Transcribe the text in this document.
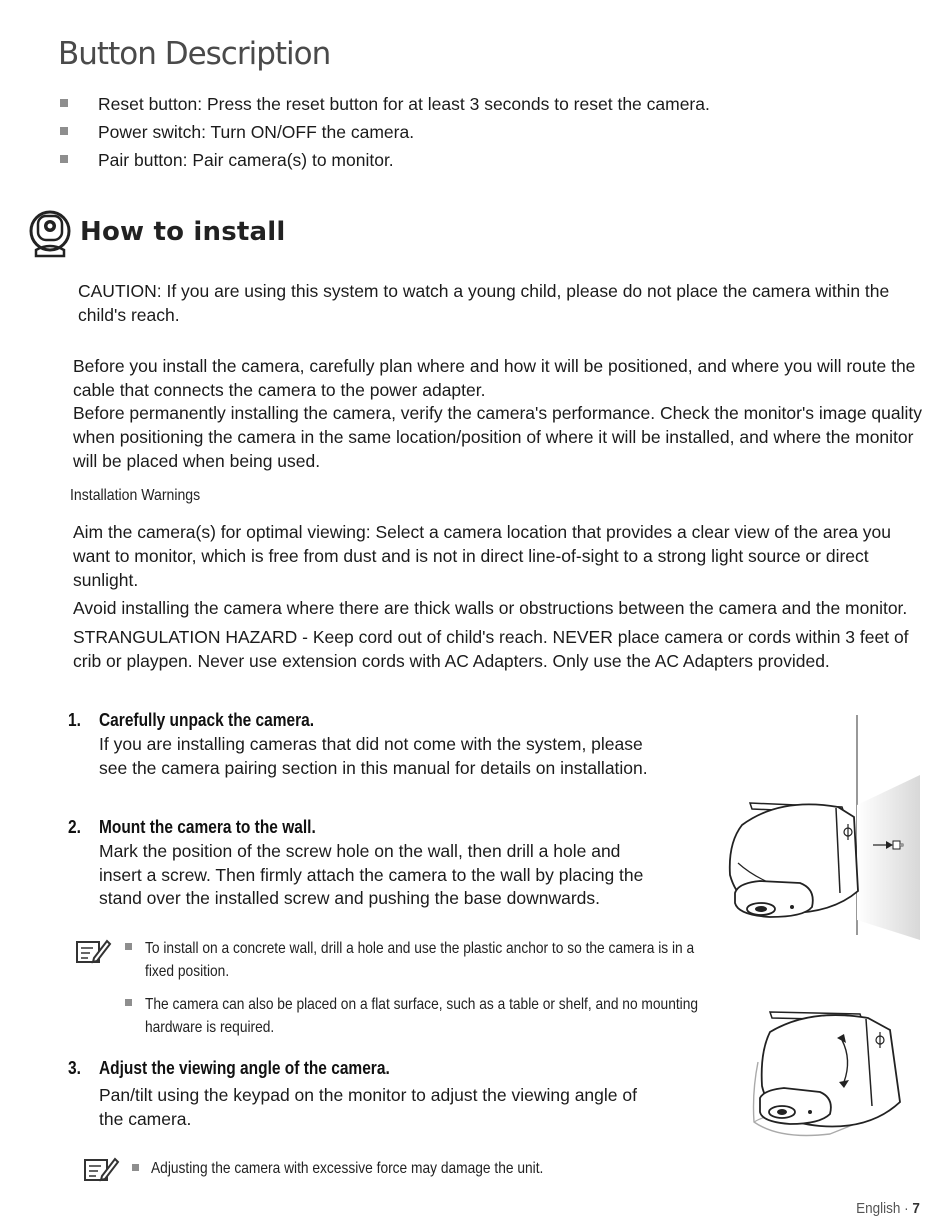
Button Description
Reset button: Press the reset button for at least 3 seconds to reset the camera.
Power switch: Turn ON/OFF the camera.
Pair button: Pair camera(s) to monitor.
How to install
CAUTION: If you are using this system to watch a young child, please do not place the camera within the child's reach.
Before you install the camera, carefully plan where and how it will be positioned, and where you will route the cable that connects the camera to the power adapter.
Before permanently installing the camera, verify the camera's performance. Check the monitor's image quality when positioning the camera in the same location/position of where it will be installed, and where the monitor will be placed when being used.
Installation Warnings
Aim the camera(s) for optimal viewing: Select a camera location that provides a clear view of the area you want to monitor, which is free from dust and is not in direct line-of-sight to a strong light source or direct sunlight.
Avoid installing the camera where there are thick walls or obstructions between the camera and the monitor.
STRANGULATION HAZARD - Keep cord out of child's reach. NEVER place camera or cords within 3 feet of crib or playpen. Never use extension cords with AC Adapters. Only use the AC Adapters provided.
1. Carefully unpack the camera.
If you are installing cameras that did not come with the system, please see the camera pairing section in this manual for details on installation.
2. Mount the camera to the wall.
Mark the position of the screw hole on the wall, then drill a hole and insert a screw. Then firmly attach the camera to the wall by placing the stand over the installed screw and pushing the base downwards.
To install on a concrete wall, drill a hole and use the plastic anchor to so the camera is in a fixed position.
The camera can also be placed on a flat surface, such as a table or shelf, and no mounting hardware is required.
3. Adjust the viewing angle of the camera.
Pan/tilt using the keypad on the monitor to adjust the viewing angle of the camera.
Adjusting the camera with excessive force may damage the unit.
English · 7
